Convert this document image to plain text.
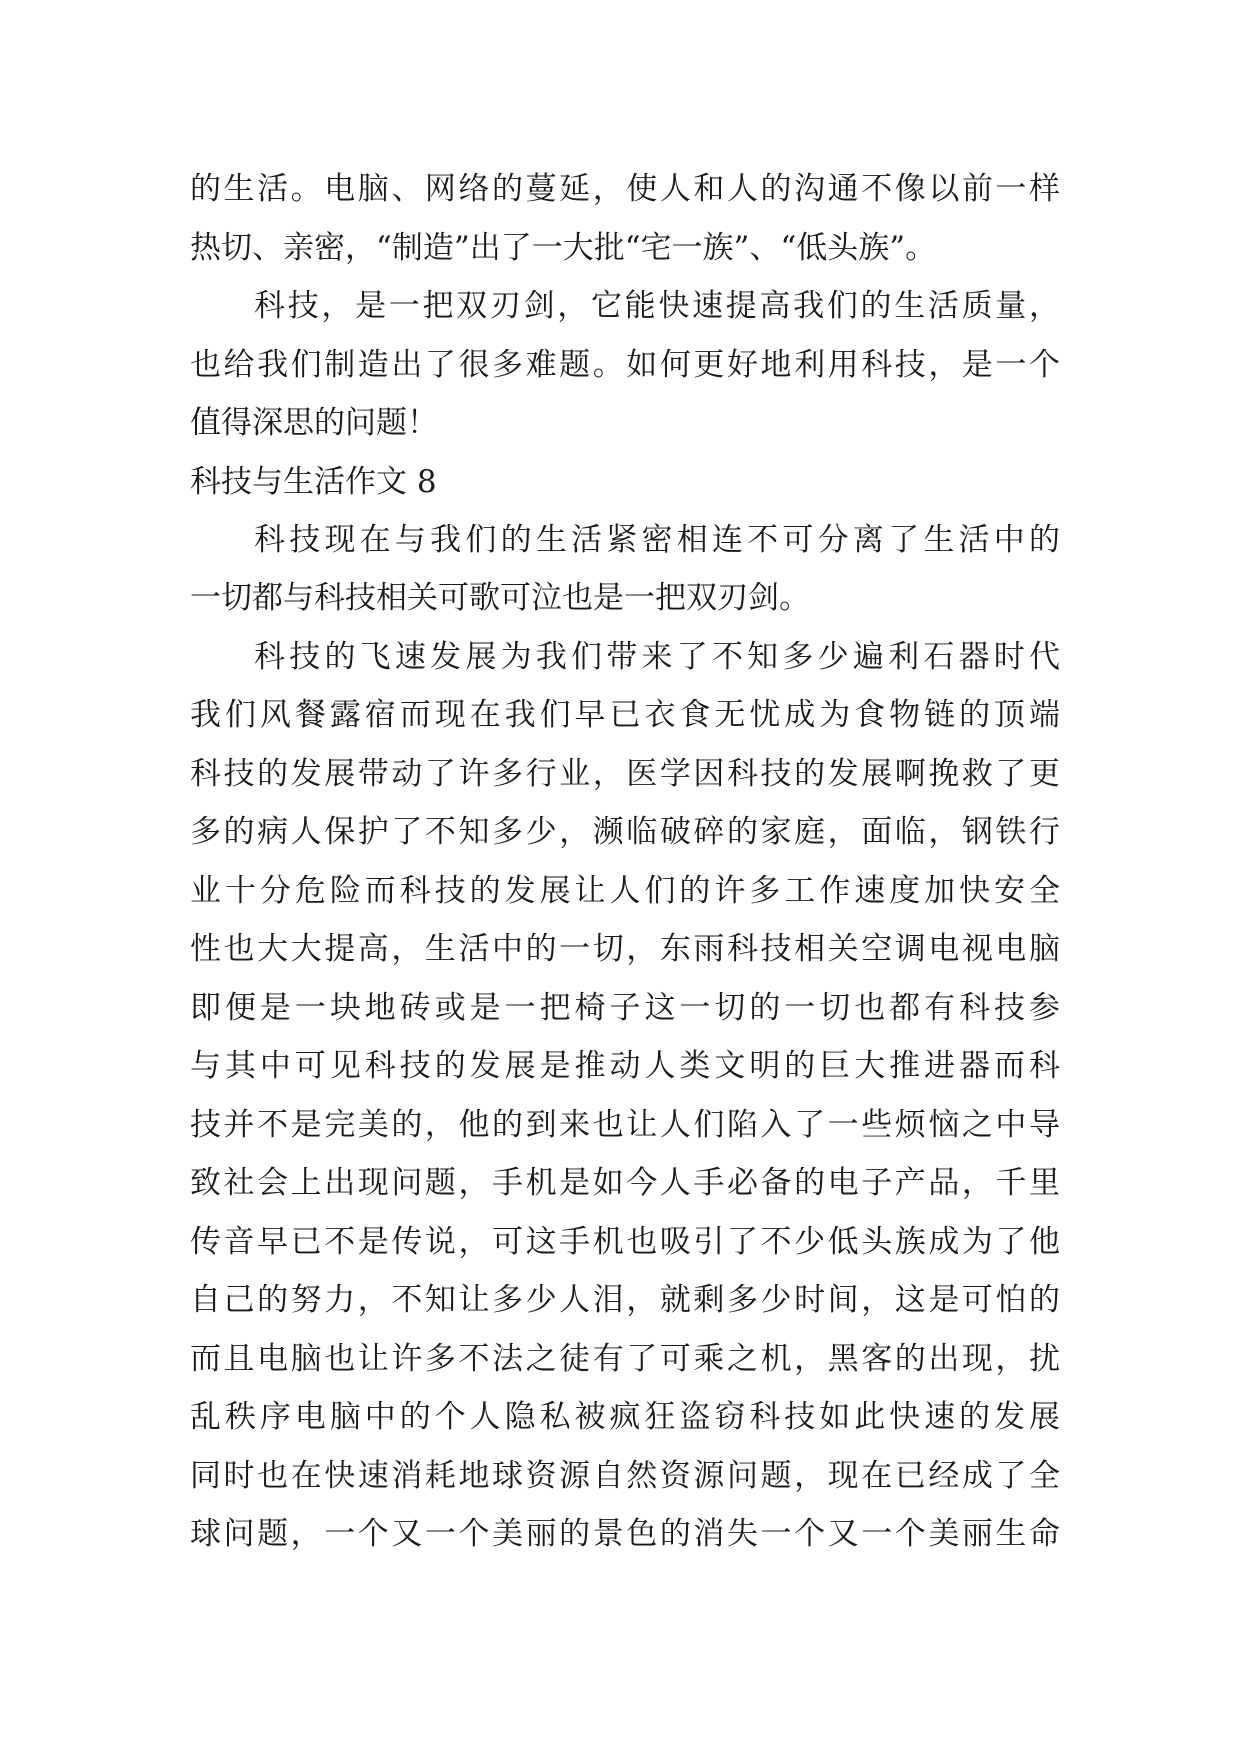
的生活。电脑、网络的蔓延，使人和人的沟通不像以前一样
热切、亲密，“制造”出了一大批“宅一族”、“低头族”。
科技，是一把双刃剑，它能快速提高我们的生活质量，
也给我们制造出了很多难题。如何更好地利用科技，是一个
值得深思的问题！
科技与生活作文 8
科技现在与我们的生活紧密相连不可分离了生活中的
一切都与科技相关可歌可泣也是一把双刃剑。
科技的飞速发展为我们带来了不知多少遍利石器时代
我们风餐露宿而现在我们早已衣食无忧成为食物链的顶端
科技的发展带动了许多行业，医学因科技的发展啊挽救了更
多的病人保护了不知多少，濒临破碎的家庭，面临，钢铁行
业十分危险而科技的发展让人们的许多工作速度加快安全
性也大大提高，生活中的一切，东雨科技相关空调电视电脑
即便是一块地砖或是一把椅子这一切的一切也都有科技参
与其中可见科技的发展是推动人类文明的巨大推进器而科
技并不是完美的，他的到来也让人们陷入了一些烦恼之中导
致社会上出现问题，手机是如今人手必备的电子产品，千里
传音早已不是传说，可这手机也吸引了不少低头族成为了他
自己的努力，不知让多少人泪，就剩多少时间，这是可怕的
而且电脑也让许多不法之徒有了可乘之机，黑客的出现，扰
乱秩序电脑中的个人隐私被疯狂盗窃科技如此快速的发展
同时也在快速消耗地球资源自然资源问题，现在已经成了全
球问题，一个又一个美丽的景色的消失一个又一个美丽生命
